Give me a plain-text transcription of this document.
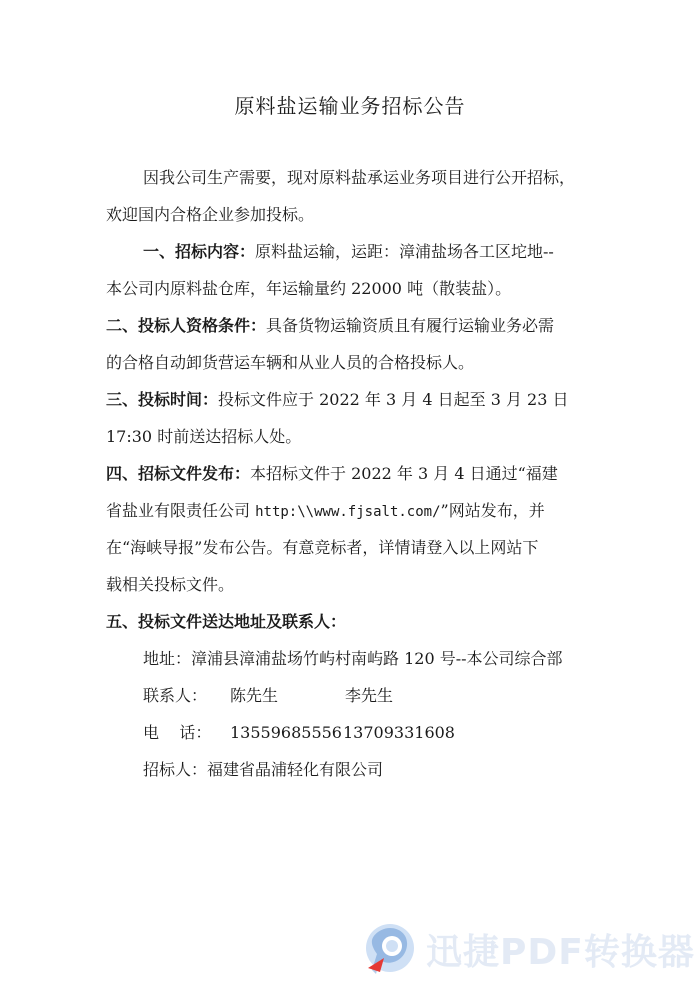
原料盐运输业务招标公告
因我公司生产需要，现对原料盐承运业务项目进行公开招标，
欢迎国内合格企业参加投标。
一、招标内容：原料盐运输，运距：漳浦盐场各工区坨地--
本公司内原料盐仓库，年运输量约 22000 吨（散装盐）。
二、投标人资格条件：具备货物运输资质且有履行运输业务必需
的合格自动卸货营运车辆和从业人员的合格投标人。
三、投标时间：投标文件应于 2022 年 3 月 4 日起至 3 月 23 日
17:30 时前送达招标人处。
四、招标文件发布：本招标文件于 2022 年 3 月 4 日通过“福建
省盐业有限责任公司 http:\\www.fjsalt.com/”网站发布，并
在“海峡导报”发布公告。有意竞标者，详情请登入以上网站下
载相关投标文件。
五、投标文件送达地址及联系人：
地址：漳浦县漳浦盐场竹屿村南屿路 120 号--本公司综合部
联系人： 陈先生	李先生
电    话： 13559685556 13709331608
招标人：福建省晶浦轻化有限公司
迅捷PDF转换器
